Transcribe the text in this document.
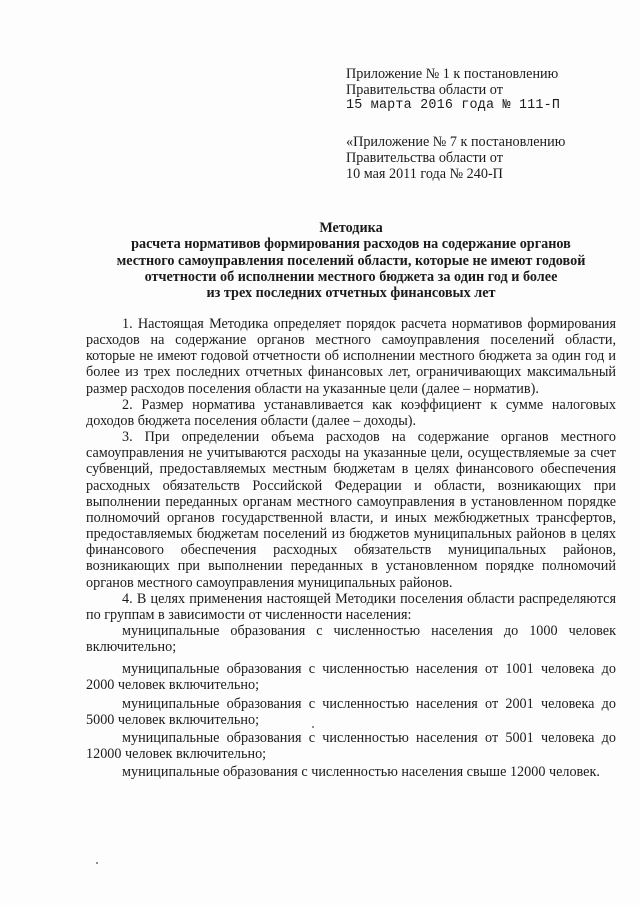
Приложение № 1 к постановлению
Правительства области от
15 марта 2016 года № 111-П
«Приложение № 7 к постановлению
Правительства области от
10 мая 2011 года № 240-П
Методика
расчета нормативов формирования расходов на содержание органов
местного самоуправления поселений области, которые не имеют годовой
отчетности об исполнении местного бюджета за один год и более
из трех последних отчетных финансовых лет

1. Настоящая Методика определяет порядок расчета нормативов формирования расходов на содержание органов местного самоуправления поселений области, которые не имеют годовой отчетности об исполнении местного бюджета за один год и более из трех последних отчетных финансовых лет, ограничивающих максимальный размер расходов поселения области на указанные цели (далее – норматив).

2. Размер норматива устанавливается как коэффициент к сумме налоговых доходов бюджета поселения области (далее – доходы).

3. При определении объема расходов на содержание органов местного самоуправления не учитываются расходы на указанные цели, осуществляемые за счет субвенций, предоставляемых местным бюджетам в целях финансового обеспечения расходных обязательств Российской Федерации и области, возникающих при выполнении переданных органам местного самоуправления в установленном порядке полномочий органов государственной власти, и иных межбюджетных трансфертов, предоставляемых бюджетам поселений из бюджетов муниципальных районов в целях финансового обеспечения расходных обязательств муниципальных районов, возникающих при выполнении переданных в установленном порядке полномочий органов местного самоуправления муниципальных районов.

4. В целях применения настоящей Методики поселения области распределяются по группам в зависимости от численности населения:

муниципальные образования с численностью населения до 1000 человек включительно;

муниципальные образования с численностью населения от 1001 человека до 2000 человек включительно;

муниципальные образования с численностью населения от 2001 человека до 5000 человек включительно;

муниципальные образования с численностью населения от 5001 человека до 12000 человек включительно;

муниципальные образования с численностью населения свыше 12000 человек.
